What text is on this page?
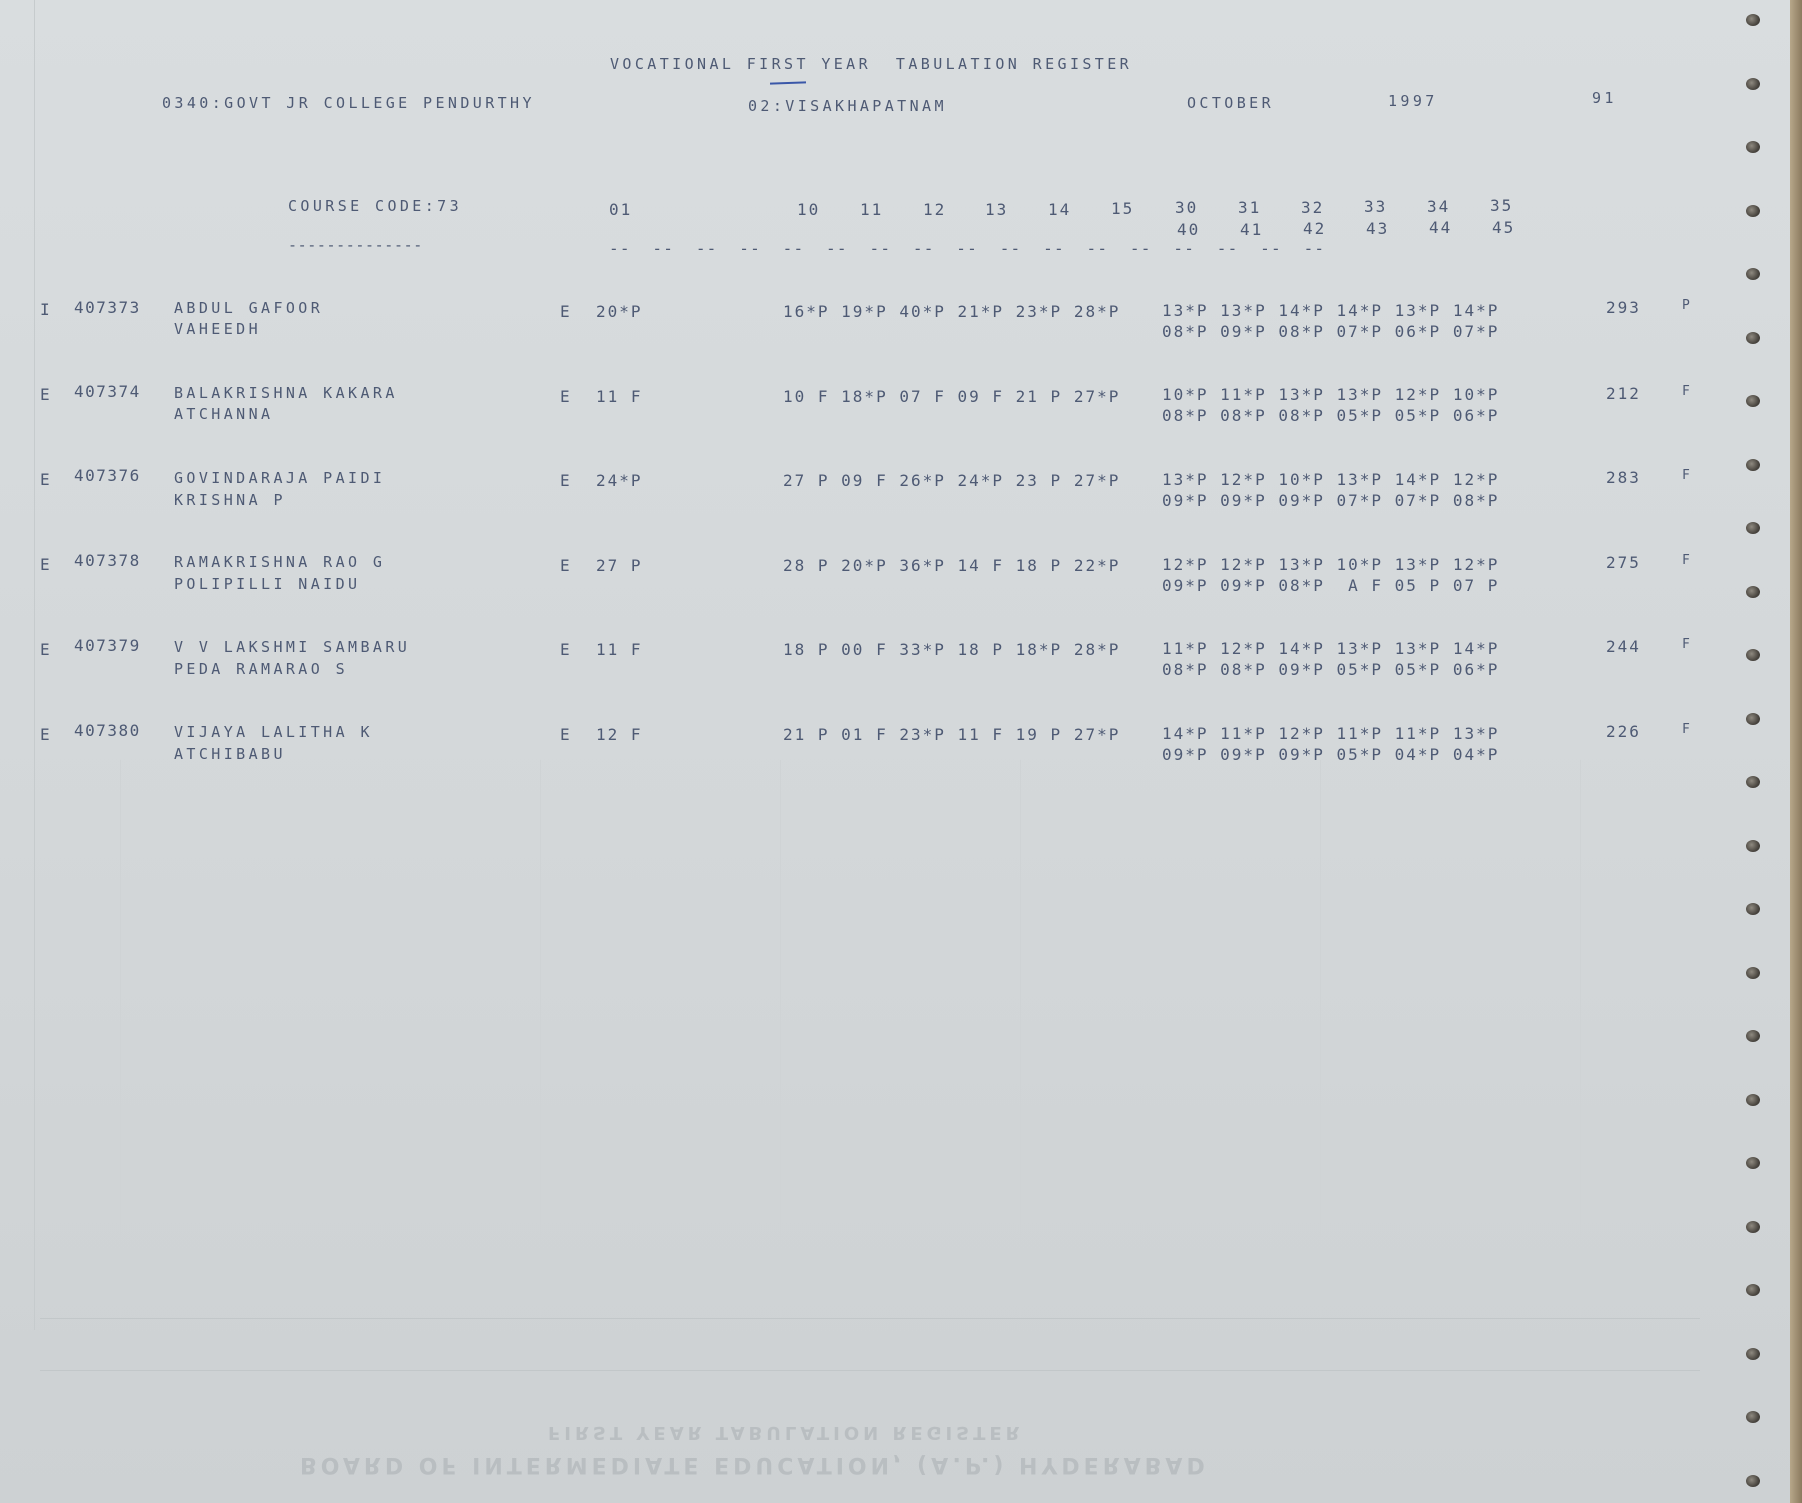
VOCATIONAL FIRST YEAR  TABULATION REGISTER
0340:GOVT JR COLLEGE PENDURTHY	02:VISAKHAPATNAM	OCTOBER	1997	91
COURSE CODE:73
--------------
01	10 11 12 13 14 15	30 31 32 33 34 35
40 41 42 43 44 45
--  --  --  --  --  --  --  --  --  --  --  --  --  --  --  --  --
I 407373 ABDUL GAFOOR
VAHEEDH
E 20*P	16*P 19*P 40*P 21*P 23*P 28*P	13*P 13*P 14*P 14*P 13*P 14*P
08*P 09*P 08*P 07*P 06*P 07*P
293	P
E 407374 BALAKRISHNA KAKARA
ATCHANNA
E 11 F	10 F 18*P 07 F 09 F 21 P 27*P	10*P 11*P 13*P 13*P 12*P 10*P
08*P 08*P 08*P 05*P 05*P 06*P
212	F
E 407376 GOVINDARAJA PAIDI
KRISHNA P
E 24*P	27 P 09 F 26*P 24*P 23 P 27*P	13*P 12*P 10*P 13*P 14*P 12*P
09*P 09*P 09*P 07*P 07*P 08*P
283	F
E 407378 RAMAKRISHNA RAO G
POLIPILLI NAIDU
E 27 P	28 P 20*P 36*P 14 F 18 P 22*P	12*P 12*P 13*P 10*P 13*P 12*P
09*P 09*P 08*P  A F 05 P 07 P
275	F
E 407379 V V LAKSHMI SAMBARU
PEDA RAMARAO S
E 11 F	18 P 00 F 33*P 18 P 18*P 28*P	11*P 12*P 14*P 13*P 13*P 14*P
08*P 08*P 09*P 05*P 05*P 06*P
244	F
E 407380 VIJAYA LALITHA K
ATCHIBABU
E 12 F	21 P 01 F 23*P 11 F 19 P 27*P	14*P 11*P 12*P 11*P 11*P 13*P
09*P 09*P 09*P 05*P 04*P 04*P
226	F
FIRST YEAR TABULATION REGISTER
BOARD OF INTERMEDIATE EDUCATION, (A.P.) HYDERABAD
